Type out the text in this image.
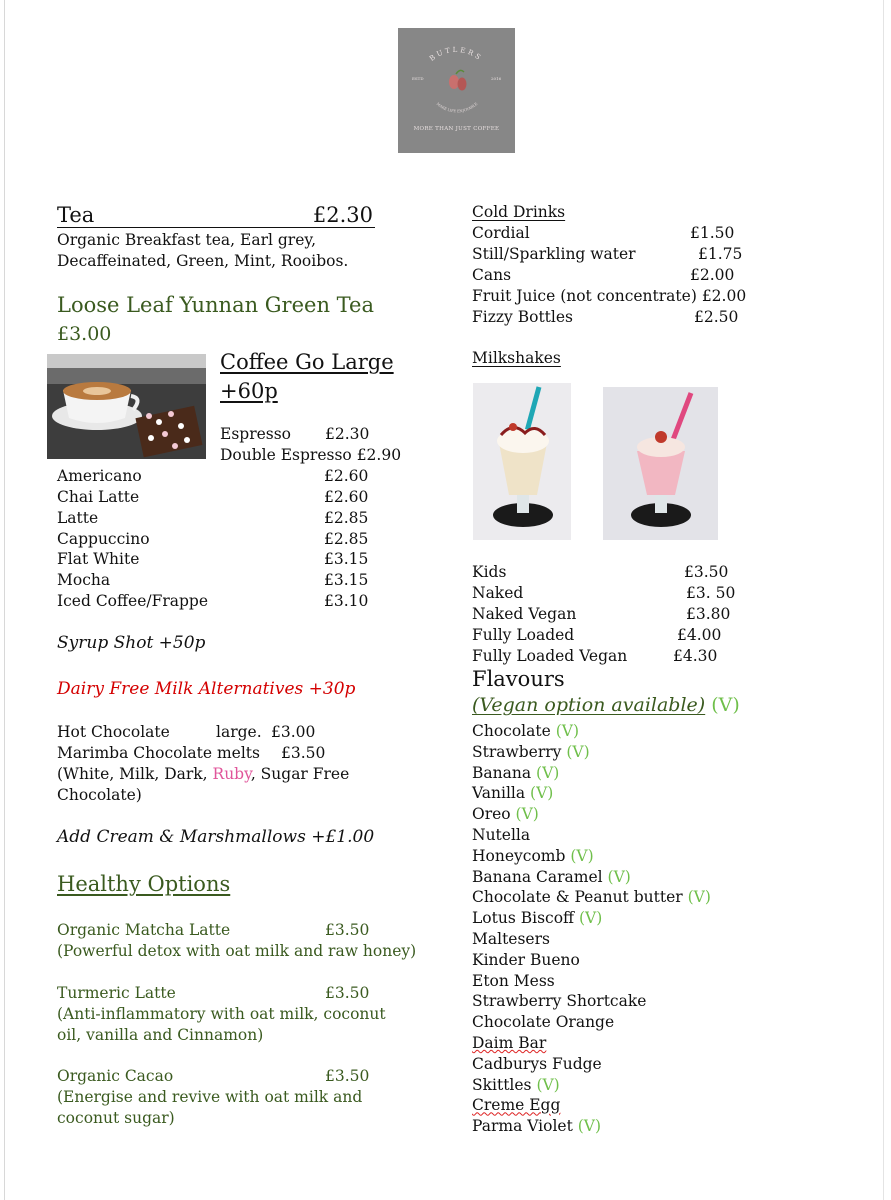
BUTLERS
MAKE LIFE ENJOYABLE
ESTD	2016
MORE THAN JUST COFFEE
Tea	£2.30
Organic Breakfast tea, Earl grey,
Decaffeinated, Green, Mint, Rooibos.
Loose Leaf Yunnan Green Tea
£3.00
Coffee Go Large
+60p
Espresso £2.30
Double Espresso £2.90
Americano	£2.60
Chai Latte	£2.60
Latte	£2.85
Cappuccino	£2.85
Flat White	£3.15
Mocha	£3.15
Iced Coffee/Frappe	£3.10
Syrup Shot +50p
Dairy Free Milk Alternatives +30p
Hot Chocolate	large. £3.00
Marimba Chocolate melts £3.50
(White, Milk, Dark, Ruby, Sugar Free
Chocolate)
Add Cream & Marshmallows +£1.00
Healthy Options
Organic Matcha Latte	£3.50
(Powerful detox with oat milk and raw honey)
Turmeric Latte	£3.50
(Anti-inflammatory with oat milk, coconut
oil, vanilla and Cinnamon)
Organic Cacao	£3.50
(Energise and revive with oat milk and
coconut sugar)
Cold Drinks
Cordial	£1.50
Still/Sparkling water	£1.75
Cans	£2.00
Fruit Juice (not concentrate) £2.00
Fizzy Bottles	£2.50
Milkshakes
Kids	£3.50
Naked	£3. 50
Naked Vegan	£3.80
Fully Loaded	£4.00
Fully Loaded Vegan	£4.30
Flavours
(Vegan option available) (V)
Chocolate (V)
Strawberry (V)
Banana (V)
Vanilla (V)
Oreo (V)
Nutella
Honeycomb (V)
Banana Caramel (V)
Chocolate & Peanut butter (V)
Lotus Biscoff (V)
Maltesers
Kinder Bueno
Eton Mess
Strawberry Shortcake
Chocolate Orange
Daim Bar
Cadburys Fudge
Skittles (V)
Creme Egg
Parma Violet (V)
